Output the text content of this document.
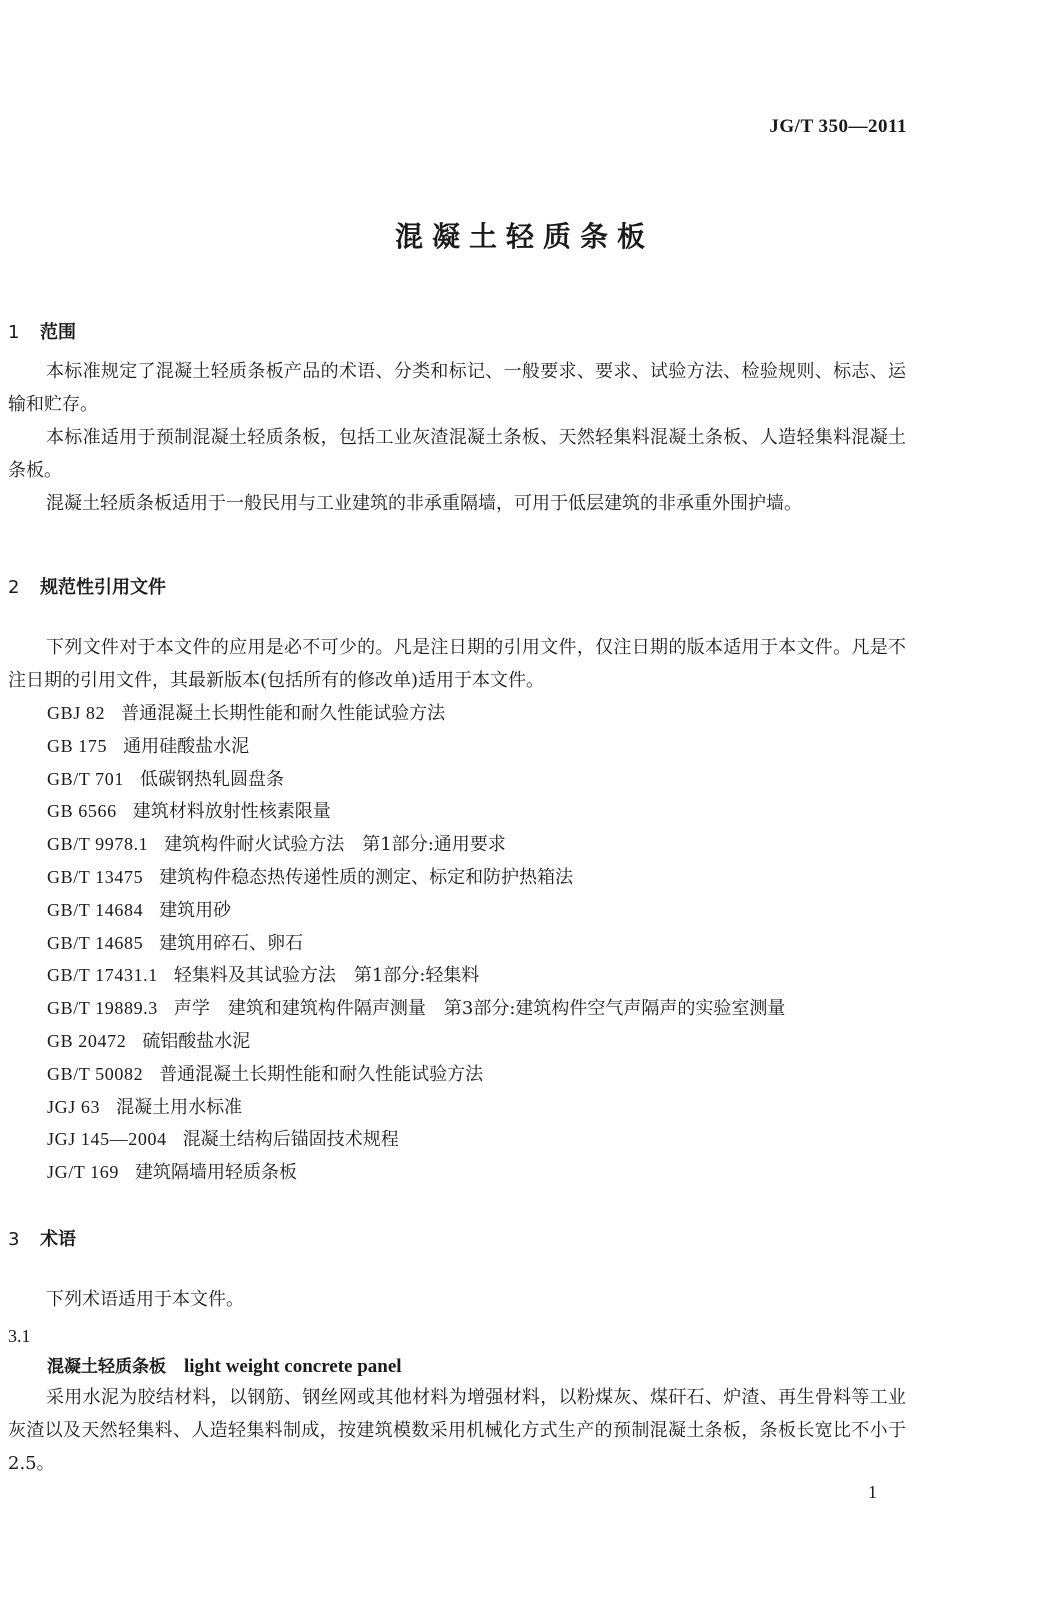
JG/T 350—2011
混凝土轻质条板
1 范围

本标准规定了混凝土轻质条板产品的术语、分类和标记、一般要求、要求、试验方法、检验规则、标志、运输和贮存。

本标准适用于预制混凝土轻质条板，包括工业灰渣混凝土条板、天然轻集料混凝土条板、人造轻集料混凝土条板。

混凝土轻质条板适用于一般民用与工业建筑的非承重隔墙，可用于低层建筑的非承重外围护墙。

2 规范性引用文件

下列文件对于本文件的应用是必不可少的。凡是注日期的引用文件，仅注日期的版本适用于本文件。凡是不注日期的引用文件，其最新版本(包括所有的修改单)适用于本文件。

GBJ 82 普通混凝土长期性能和耐久性能试验方法
GB 175 通用硅酸盐水泥
GB/T 701 低碳钢热轧圆盘条
GB 6566 建筑材料放射性核素限量
GB/T 9978.1 建筑构件耐火试验方法　第1部分:通用要求
GB/T 13475 建筑构件稳态热传递性质的测定、标定和防护热箱法
GB/T 14684 建筑用砂
GB/T 14685 建筑用碎石、卵石
GB/T 17431.1 轻集料及其试验方法　第1部分:轻集料
GB/T 19889.3 声学　建筑和建筑构件隔声测量　第3部分:建筑构件空气声隔声的实验室测量
GB 20472 硫铝酸盐水泥
GB/T 50082 普通混凝土长期性能和耐久性能试验方法
JGJ 63 混凝土用水标准
JGJ 145—2004 混凝土结构后锚固技术规程
JG/T 169 建筑隔墙用轻质条板
3 术语

下列术语适用于本文件。

3.1
混凝土轻质条板 light weight concrete panel

采用水泥为胶结材料，以钢筋、钢丝网或其他材料为增强材料，以粉煤灰、煤矸石、炉渣、再生骨料等工业灰渣以及天然轻集料、人造轻集料制成，按建筑模数采用机械化方式生产的预制混凝土条板，条板长宽比不小于2.5。

1
